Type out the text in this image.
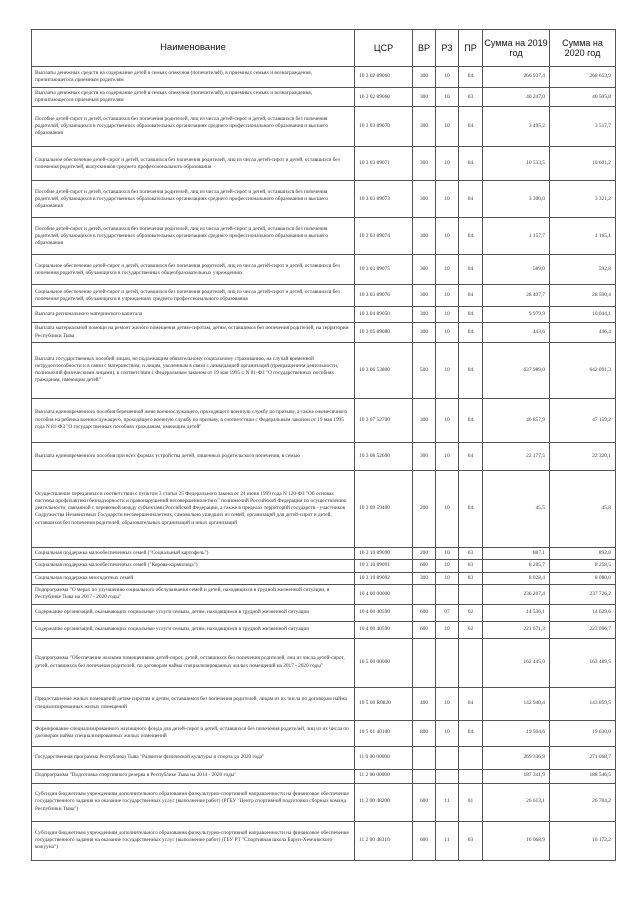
Наименование	ЦСР	ВР	РЗ	ПР	Сумма на 2019 год	Сумма на 2020 год
Выплаты денежных средств на содержание детей в семьях опекунов (попечителей), в приемных семьях и вознаграждения, причитающегося приемным родителям	10 3 02 89060	300	10	04	266 937,4	268 653,9
Выплаты денежных средств на содержание детей в семьях опекунов (попечителей), в приемных семьях и вознаграждения, причитающегося приемным родителям	10 3 02 89060	300	10	03	40 247,0	40 505,8
Пособие детей-сирот и детей, оставшихся без попечения родителей, лиц из числа детей-сирот и детей, оставшихся без попечения родителей, обучающихся в государственных образовательных организациях среднего профессионального образования и высшего образования	10 3 03 89070	300	10	04	3 495,2	3 517,7
Социальное обеспечение детей-сирот и детей, оставшихся без попечения родителей, лиц из числа детей-сирот и детей, оставшихся без попечения родителей, выпускников среднего профессионального образования	10 3 03 89071	300	10	04	10 533,5	10 601,2
Пособие детей-сирот и детей, оставшихся без попечения родителей, лиц из числа детей-сирот и детей, оставшихся без попечения родителей, обучающихся в государственных образовательных организациях среднего профессионального образования и высшего образования	10 3 03 89073	300	10	04	3 300,0	3 321,2
Пособие детей-сирот и детей, оставшихся без попечения родителей, лиц из числа детей-сирот и детей, оставшихся без попечения родителей, обучающихся в государственных образовательных организациях среднего профессионального образования и высшего образования	10 3 03 89074	300	10	04	1 157,7	1 165,1
Социальное обеспечение детей-сирот и детей, оставшихся без попечения родителей, лиц из числа детей-сирот и детей, оставшихся без попечения родителей, обучающихся в государственных общеобразовательных учреждениях	10 3 03 89075	300	10	04	589,0	592,8
Социальное обеспечение детей-сирот и детей, оставшихся без попечения родителей, лиц из числа детей-сирот и детей, оставшихся без попечения родителей, обучающихся в учреждениях среднего профессионального образования	10 3 03 89076	300	10	04	28 407,7	28 590,4
Выплата регионального материнского капитала	10 3 04 89050	300	10	04	9 979,9	10 044,1
Выплата материальной помощи на ремонт жилого помещения детям-сиротам, детям, оставшимся без попечения родителей, на территории Республики Тыва	10 3 05 89080	300	10	04	443,6	446,4
Выплата государственных пособий лицам, не подлежащим обязательному социальному страхованию, на случай временной нетрудоспособности и в связи с материнством, и лицам, уволенным в связи с ликвидацией организаций (прекращением деятельности, полномочий физическими лицами), в соответствии с Федеральным законом от 19 мая 1995 г. N 81-ФЗ "О государственных пособиях гражданам, имеющим детей"	10 3 06 53800	500	10	04	637 989,0	642 091,3
Выплата единовременного пособия беременной жене военнослужащего, проходящего военную службу по призыву, а также ежемесячного пособия на ребенка военнослужащего, проходящего военную службу по призыву, в соответствии с Федеральным законом от 19 мая 1995 года N 81-ФЗ "О государственных пособиях гражданам, имеющим детей"	10 3 07 52700	300	10	04	46 857,9	47 159,2
Выплата единовременного пособия при всех формах устройства детей, лишенных родительского попечения, в семью	10 3 08 52600	300	10	04	22 177,5	22 320,1
Осуществление переданных в соответствии с пунктом 3 статьи 25 Федерального закона от 24 июня 1999 года N 120-ФЗ "Об основах системы профилактики безнадзорности и правонарушений несовершеннолетних" полномочий Российской Федерации по осуществлению деятельности, связанной с перевозкой между субъектами Российской Федерации, а также в пределах территорий государств - участников Содружества Независимых Государств несовершеннолетних, самовольно ушедших из семей, организаций для детей-сирот и детей, оставшихся без попечения родителей, образовательных организаций и иных организаций	10 3 09 59400	200	10	04	45,5	45,8
Социальная поддержка малообеспеченных семей ("Социальный картофель")	10 3 10 89090	200	10	03	887,1	892,8
Социальная поддержка малообеспеченных семей ("Корова-кормилица")	10 3 10 89091	600	10	03	8 205,7	8 258,5
Социальная поддержка многодетных семей	10 3 10 89092	300	10	03	8 028,4	8 080,0
Подпрограмма "О мерах по улучшению социального обслуживания семей и детей, находящихся в трудной жизненной ситуации, в Республике Тыва на 2017 - 2020 годы"	10 4 00 00000				236 207,4	237 726,2
Содержание организаций, оказывающих социальные услуги семьям, детям, находящимся в трудной жизненной ситуации	10 4 00 40590	600	07	02	14 536,1	14 629,6
Содержание организаций, оказывающих социальные услуги семьям, детям, находящимся в трудной жизненной ситуации	10 4 00 40590	600	10	02	221 671,3	223 096,7
Подпрограмма "Обеспечение жилыми помещениями детей-сирот, детей, оставшихся без попечения родителей, лиц из числа детей-сирот, детей, оставшихся без попечения родителей, по договорам найма специализированных жилых помещений на 2017 - 2020 годы"	10 5 00 00000				162 445,0	163 489,5
Предоставление жилых помещений детям-сиротам и детям, оставшимся без попечения родителей, лицам из их числа по договорам найма специализированных жилых помещений	10 5 00 R0820	400	10	04	142 940,4	143 859,5
Формирование специализированного жилищного фонда для детей-сирот и детей, оставшихся без попечения родителей, лиц из их числа по договорам найма специализированных жилых помещений	10 5 01 40100	800	10	04	19 504,6	19 630,0
Государственная программа Республики Тыва "Развитие физической культуры и спорта до 2020 года"	11 0 00 00000				269 336,8	271 068,7
Подпрограмма "Подготовка спортивного резерва в Республике Тыва на 2014 - 2020 годы"	11 2 00 00000				187 341,9	188 546,5
Субсидии бюджетным учреждениям дополнительного образования физкультурно-спортивной направленности на финансовое обеспечение государственного задания на оказание государственных услуг (выполнение работ) (РГБУ "Центр спортивной подготовки сборных команд Республики Тыва")	11 2 00 48200	600	11	01	26 613,1	26 784,2
Субсидии бюджетным учреждениям дополнительного образования физкультурно-спортивной направленности на финансовое обеспечение государственного задания на оказание государственных услуг (выполнение работ) (ГБУ РТ "Спортивная школа Барун-Хемчикского кожууна")	11 2 00 48310	600	11	03	16 068,9	16 172,2
